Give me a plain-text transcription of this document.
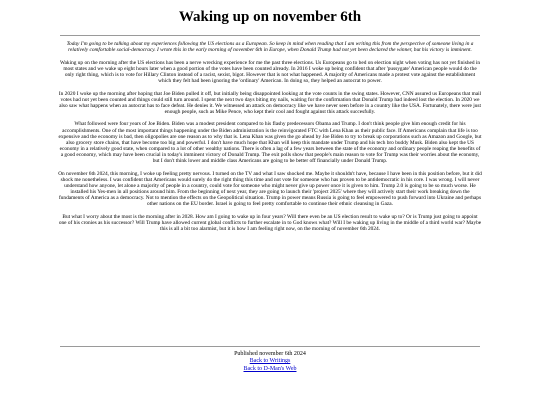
Waking up on november 6th

Today I'm going to be talking about my experiences following the US elections as a European. So keep in mind when reading that I am writing this from the perspective of someone living in a relatively comfortable social-democracy. I wrote this in the early morning of november 6th in Europe, when Donald Trump had not yet been declared the winner, but his victory is imminent.

Waking up on the morning after the US elections has been a nerve wrecking experience for me the past three elections. Us Europeans go to bed on election night when voting has not yet finished in most states and we wake up eight hours later when a good portion of the votes have been counted already. In 2016 I woke up being confident that after 'pussygate' American people would do the only right thing, which is to vote for Hillary Clinton instead of a racist, sexist, bigot. However that is not what happened. A majority of Americans made a protest vote against the establishment which they felt had been ignoring the 'ordinary' American. In doing so, they helped an autocrat to power.

In 2020 I woke up the morning after hoping that Joe Biden pulled it off, but initially being disappointed looking at the vote counts in the swing states. However, CNN assured us Europeans that mail votes had not yet been counted and things could still turn around. I spent the next two days biting my nails, waiting for the confirmation that Donald Trump had indeed lost the election. In 2020 we also saw what happens when an autocrat has to face defeat. He denies it. We witnessed an attack on democracy like we have never seen before in a country like the USA. Fortunately, there were just enough people, such as Mike Pence, who kept their cool and fought against this attack succesfully.

What followed were four years of Joe Biden. Biden was a modest president compared to his flashy predecessors Obama and Trump. I don't think people give him enough credit for his accomplishments. One of the most important things happening under the Biden administration is the reinvigorated FTC with Lena Khan as their public face. If Americans complain that life is too expensive and the economy is bad, then oligopolies are one reason as to why that is. Lena Khan was given the go ahead by Joe Biden to try to break up corporations such as Amazon and Google, but also grocery store chains, that have become too big and powerful. I don't have much hope that Khan will keep this mandate under Trump and his tech bro buddy Musk. Biden also kept the US economy in a relatively good state, when compared to a lot of other wealthy nations. There is often a lag of a few years between the state of the economy and ordinary people reaping the benefits of a good economy, which may have been crucial in today's imminent victory of Donald Trump. The exit polls show that people's main reason to vote for Trump was their worries about the economy, but I don't think lower and middle class Americans are going to be better off financially under Donald Trump.

On november 6th 2024, this morning, I woke up feeling pretty nervous. I turned on the TV and what I saw shocked me. Maybe it shouldn't have, because I have been in this position before, but it did shock me nonetheless. I was confident that Americans would surely do the right thing this time and not vote for someone who has proven to be antidemocratic in his core. I was wrong. I will never understand how anyone, let alone a majority of people in a country, could vote for someone who might never give up power once it is given to him. Trump 2.0 is going to be so much worse. He installed his Yes-men in all positions around him. From the beginning of next year, they are going to launch their 'project 2025' where they will actively start their work breaking down the fundaments of America as a democracy. Not to mention the effects on the Geopolitical situation. Trump in power means Russia is going to feel empowered to push forward into Ukraine and perhaps other nations on the EU border. Israel is going to feel pretty comfortable to continue their ethnic cleansing in Gaza.

But what I worry about the most is the morning after in 2028. How am I going to wake up in four years? Will there even be an US election result to wake up to? Or is Trump just going to appoint one of his cronies as his successor? Will Trump have allowed current global conflicts to further escalate in to God knows what? Will I be waking up living in the middle of a third world war? Maybe this is all a bit too alarmist, but it is how I am feeling right now, on the morning of november 6th 2024.

Published november 6th 2024
Back to Writings
Back to D-Man's Web
